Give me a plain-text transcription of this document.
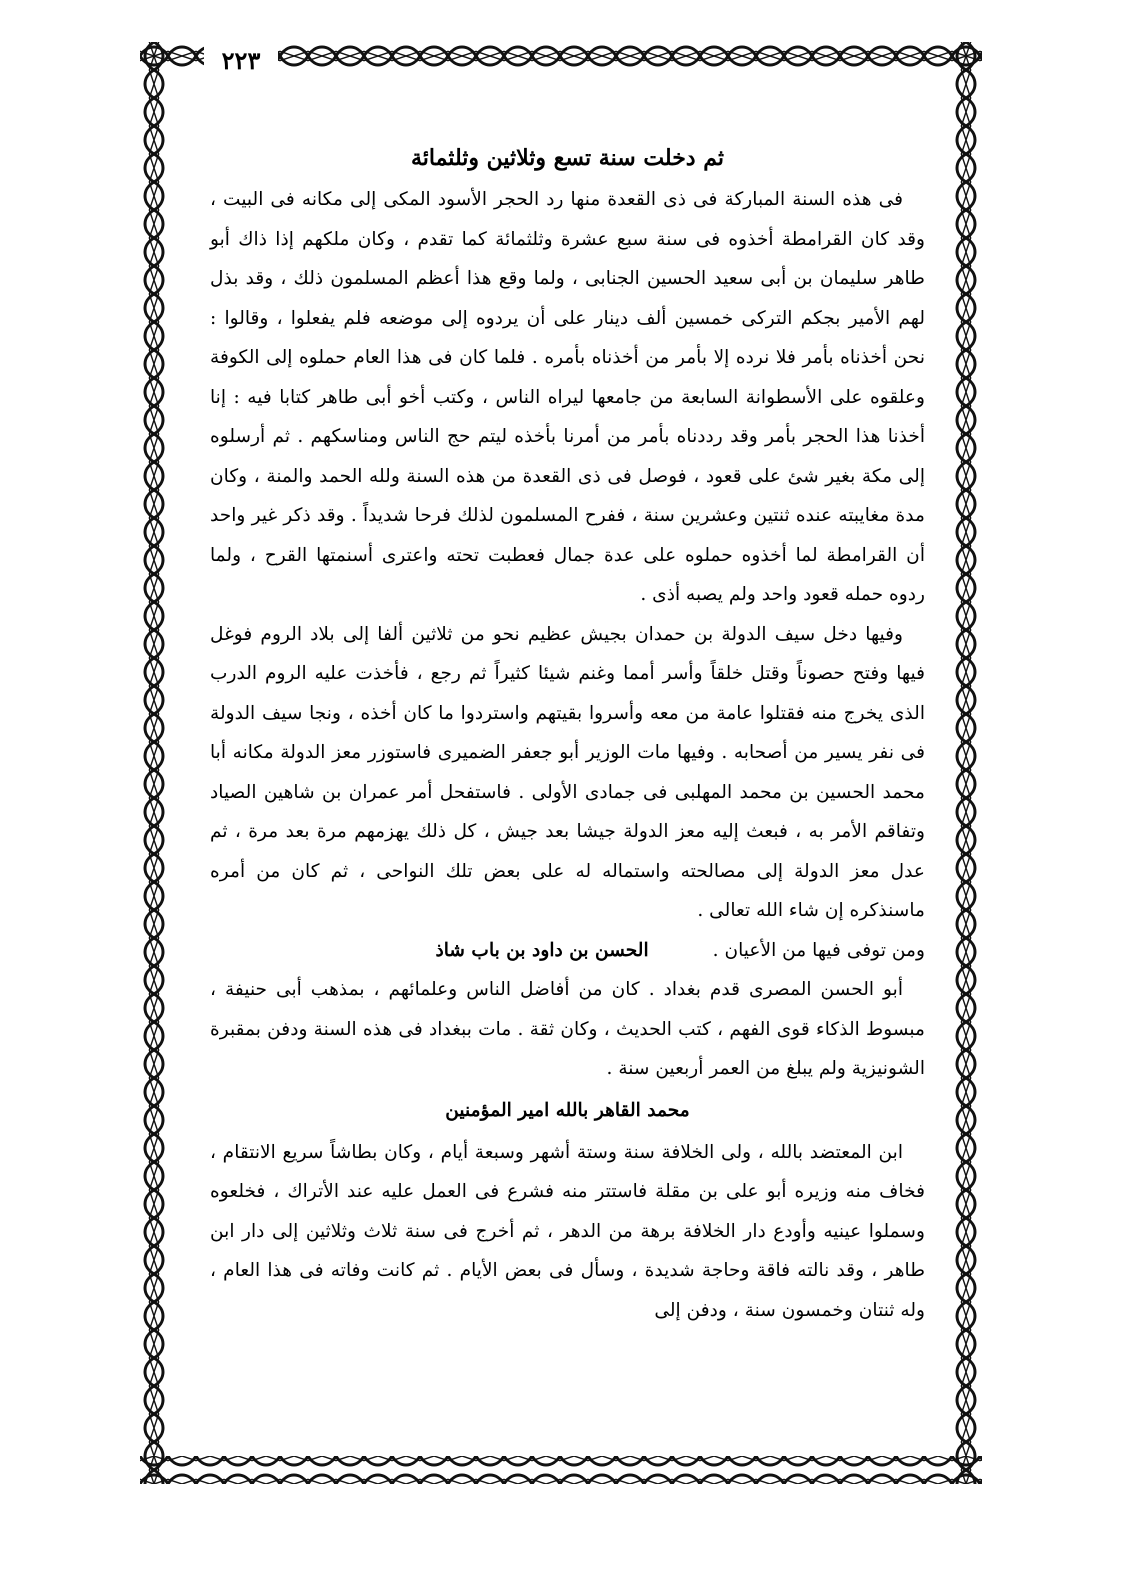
٢٢٣
ثم دخلت سنة تسع وثلاثين وثلثمائة

فى هذه السنة المباركة فى ذى القعدة منها رد الحجر الأسود المكى إلى مكانه فى البيت ، وقد كان القرامطة أخذوه فى سنة سبع عشرة وثلثمائة كما تقدم ، وكان ملكهم إذا ذاك أبو طاهر سليمان بن أبى سعيد الحسين الجنابى ، ولما وقع هذا أعظم المسلمون ذلك ، وقد بذل لهم الأمير بجكم التركى خمسين ألف دينار على أن يردوه إلى موضعه فلم يفعلوا ، وقالوا : نحن أخذناه بأمر فلا نرده إلا بأمر من أخذناه بأمره . فلما كان فى هذا العام حملوه إلى الكوفة وعلقوه على الأسطوانة السابعة من جامعها ليراه الناس ، وكتب أخو أبى طاهر كتابا فيه : إنا أخذنا هذا الحجر بأمر وقد رددناه بأمر من أمرنا بأخذه ليتم حج الناس ومناسكهم . ثم أرسلوه إلى مكة بغير شئ على قعود ، فوصل فى ذى القعدة من هذه السنة ولله الحمد والمنة ، وكان مدة مغايبته عنده ثنتين وعشرين سنة ، ففرح المسلمون لذلك فرحا شديداً . وقد ذكر غير واحد أن القرامطة لما أخذوه حملوه على عدة جمال فعطبت تحته واعترى أسنمتها القرح ، ولما ردوه حمله قعود واحد ولم يصبه أذى .

وفيها دخل سيف الدولة بن حمدان بجيش عظيم نحو من ثلاثين ألفا إلى بلاد الروم فوغل فيها وفتح حصوناً وقتل خلقاً وأسر أمما وغنم شيئا كثيراً ثم رجع ، فأخذت عليه الروم الدرب الذى يخرج منه فقتلوا عامة من معه وأسروا بقيتهم واستردوا ما كان أخذه ، ونجا سيف الدولة فى نفر يسير من أصحابه . وفيها مات الوزير أبو جعفر الضميرى فاستوزر معز الدولة مكانه أبا محمد الحسين بن محمد المهلبى فى جمادى الأولى . فاستفحل أمر عمران بن شاهين الصياد وتفاقم الأمر به ، فبعث إليه معز الدولة جيشا بعد جيش ، كل ذلك يهزمهم مرة بعد مرة ، ثم عدل معز الدولة إلى مصالحته واستماله له على بعض تلك النواحى ، ثم كان من أمره ماسنذكره إن شاء الله تعالى .

ومن توفى فيها من الأعيان .
الحسن بن داود بن باب شاذ

أبو الحسن المصرى قدم بغداد . كان من أفاضل الناس وعلمائهم ، بمذهب أبى حنيفة ، مبسوط الذكاء قوى الفهم ، كتب الحديث ، وكان ثقة . مات ببغداد فى هذه السنة ودفن بمقبرة الشونيزية ولم يبلغ من العمر أربعين سنة .

محمد القاهر بالله امير المؤمنين

ابن المعتضد بالله ، ولى الخلافة سنة وستة أشهر وسبعة أيام ، وكان بطاشاً سريع الانتقام ، فخاف منه وزيره أبو على بن مقلة فاستتر منه فشرع فى العمل عليه عند الأتراك ، فخلعوه وسملوا عينيه وأودع دار الخلافة برهة من الدهر ، ثم أخرج فى سنة ثلاث وثلاثين إلى دار ابن طاهر ، وقد نالته فاقة وحاجة شديدة ، وسأل فى بعض الأيام . ثم كانت وفاته فى هذا العام ، وله ثنتان وخمسون سنة ، ودفن إلى
